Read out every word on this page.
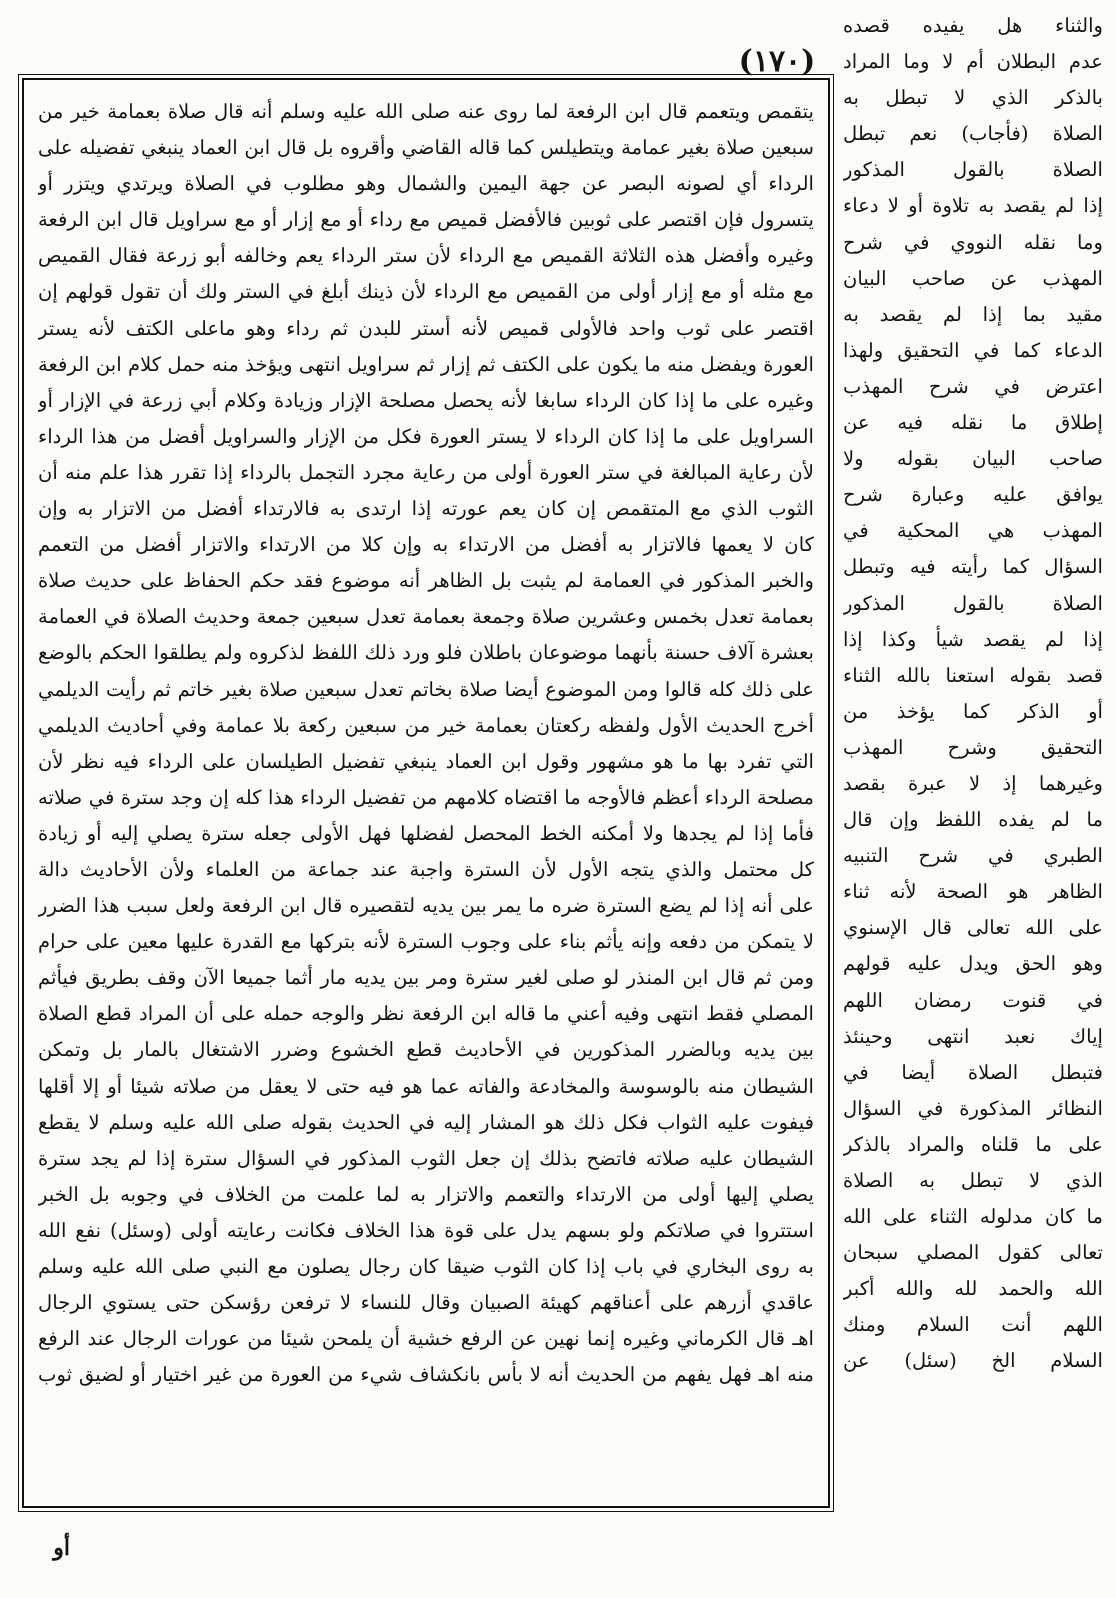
(١٧٠)
والثناء هل يفيده قصده
عدم البطلان أم لا وما المراد
بالذكر الذي لا تبطل به
الصلاة (فأجاب) نعم تبطل
الصلاة بالقول المذكور
إذا لم يقصد به تلاوة أو لا دعاء
وما نقله النووي في شرح
المهذب عن صاحب البيان
مقيد بما إذا لم يقصد به
الدعاء كما في التحقيق ولهذا
اعترض في شرح المهذب
إطلاق ما نقله فيه عن
صاحب البيان بقوله ولا
يوافق عليه وعبارة شرح
المهذب هي المحكية في
السؤال كما رأيته فيه وتبطل
الصلاة بالقول المذكور
إذا لم يقصد شيأ وكذا إذا
قصد بقوله استعنا بالله الثناء
أو الذكر كما يؤخذ من
التحقيق وشرح المهذب
وغيرهما إذ لا عبرة بقصد
ما لم يفده اللفظ وإن قال
الطبري في شرح التنبيه
الظاهر هو الصحة لأنه ثناء
على الله تعالى قال الإسنوي
وهو الحق ويدل عليه قولهم
في قنوت رمضان اللهم
إياك نعبد انتهى وحينئذ
فتبطل الصلاة أيضا في
النظائر المذكورة في السؤال
على ما قلناه والمراد بالذكر
الذي لا تبطل به الصلاة
ما كان مدلوله الثناء على الله
تعالى كقول المصلي سبحان
الله والحمد لله والله أكبر
اللهم أنت السلام ومنك
السلام الخ (سئل) عن
يتقمص ويتعمم قال ابن الرفعة لما روى عنه صلى الله عليه وسلم أنه قال صلاة بعمامة خير من
سبعين صلاة بغير عمامة ويتطيلس كما قاله القاضي وأقروه بل قال ابن العماد ينبغي تفضيله على
الرداء أي لصونه البصر عن جهة اليمين والشمال وهو مطلوب في الصلاة ويرتدي ويتزر أو
يتسرول فإن اقتصر على ثوبين فالأفضل قميص مع رداء أو مع إزار أو مع سراويل قال ابن الرفعة
وغيره وأفضل هذه الثلاثة القميص مع الرداء لأن ستر الرداء يعم وخالفه أبو زرعة فقال القميص
مع مثله أو مع إزار أولى من القميص مع الرداء لأن ذينك أبلغ في الستر ولك أن تقول قولهم إن
اقتصر على ثوب واحد فالأولى قميص لأنه أستر للبدن ثم رداء وهو ماعلى الكتف لأنه يستر
العورة ويفضل منه ما يكون على الكتف ثم إزار ثم سراويل انتهى ويؤخذ منه حمل كلام ابن الرفعة
وغيره على ما إذا كان الرداء سابغا لأنه يحصل مصلحة الإزار وزيادة وكلام أبي زرعة في الإزار أو
السراويل على ما إذا كان الرداء لا يستر العورة فكل من الإزار والسراويل أفضل من هذا الرداء
لأن رعاية المبالغة في ستر العورة أولى من رعاية مجرد التجمل بالرداء إذا تقرر هذا علم منه أن
الثوب الذي مع المتقمص إن كان يعم عورته إذا ارتدى به فالارتداء أفضل من الاتزار به وإن
كان لا يعمها فالاتزار به أفضل من الارتداء به وإن كلا من الارتداء والاتزار أفضل من التعمم
والخبر المذكور في العمامة لم يثبت بل الظاهر أنه موضوع فقد حكم الحفاظ على حديث صلاة
بعمامة تعدل بخمس وعشرين صلاة وجمعة بعمامة تعدل سبعين جمعة وحديث الصلاة في العمامة
بعشرة آلاف حسنة بأنهما موضوعان باطلان فلو ورد ذلك اللفظ لذكروه ولم يطلقوا الحكم بالوضع
على ذلك كله قالوا ومن الموضوع أيضا صلاة بخاتم تعدل سبعين صلاة بغير خاتم ثم رأيت الديلمي
أخرج الحديث الأول ولفظه ركعتان بعمامة خير من سبعين ركعة بلا عمامة وفي أحاديث الديلمي
التي تفرد بها ما هو مشهور وقول ابن العماد ينبغي تفضيل الطيلسان على الرداء فيه نظر لأن
مصلحة الرداء أعظم فالأوجه ما اقتضاه كلامهم من تفضيل الرداء هذا كله إن وجد سترة في صلاته
فأما إذا لم يجدها ولا أمكنه الخط المحصل لفضلها فهل الأولى جعله سترة يصلي إليه أو زيادة
كل محتمل والذي يتجه الأول لأن السترة واجبة عند جماعة من العلماء ولأن الأحاديث دالة
على أنه إذا لم يضع السترة ضره ما يمر بين يديه لتقصيره قال ابن الرفعة ولعل سبب هذا الضرر
لا يتمكن من دفعه وإنه يأثم بناء على وجوب السترة لأنه بتركها مع القدرة عليها معين على حرام
ومن ثم قال ابن المنذر لو صلى لغير سترة ومر بين يديه مار أثما جميعا الآن وقف بطريق فيأثم
المصلي فقط انتهى وفيه أعني ما قاله ابن الرفعة نظر والوجه حمله على أن المراد قطع الصلاة
بين يديه وبالضرر المذكورين في الأحاديث قطع الخشوع وضرر الاشتغال بالمار بل وتمكن
الشيطان منه بالوسوسة والمخادعة والفاته عما هو فيه حتى لا يعقل من صلاته شيئا أو إلا أقلها
فيفوت عليه الثواب فكل ذلك هو المشار إليه في الحديث بقوله صلى الله عليه وسلم لا يقطع
الشيطان عليه صلاته فاتضح بذلك إن جعل الثوب المذكور في السؤال سترة إذا لم يجد سترة
يصلي إليها أولى من الارتداء والتعمم والاتزار به لما علمت من الخلاف في وجوبه بل الخبر
استتروا في صلاتكم ولو بسهم يدل على قوة هذا الخلاف فكانت رعايته أولى (وسئل) نفع الله
به روى البخاري في باب إذا كان الثوب ضيقا كان رجال يصلون مع النبي صلى الله عليه وسلم
عاقدي أزرهم على أعناقهم كهيئة الصبيان وقال للنساء لا ترفعن رؤسكن حتى يستوي الرجال
اهـ قال الكرماني وغيره إنما نهين عن الرفع خشية أن يلمحن شيئا من عورات الرجال عند الرفع
منه اهـ فهل يفهم من الحديث أنه لا بأس بانكشاف شيء من العورة من غير اختيار أو لضيق ثوب
أو
